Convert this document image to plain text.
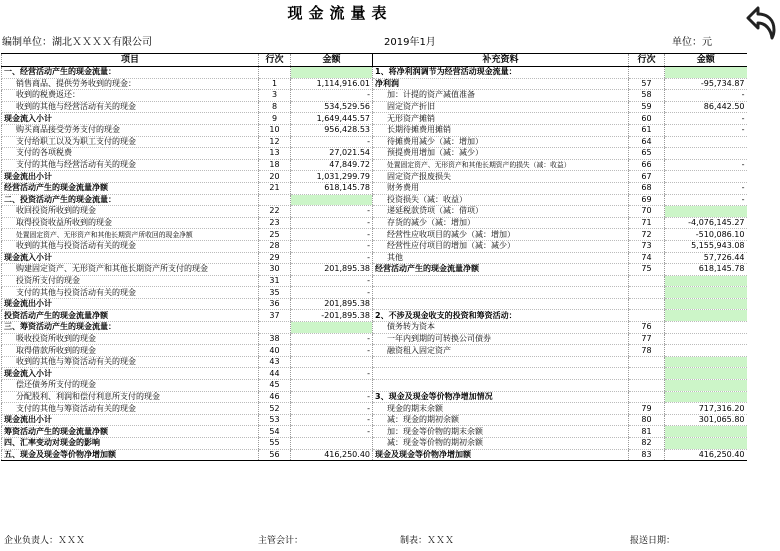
现金流量表
编制单位：湖北ＸＸＸＸ有限公司	2019年1月	单位：元
项目	行次	金额	补充资料	行次	金额
一、经营活动产生的现金流量：			1、将净利润调节为经营活动现金流量：		
销售商品、提供劳务收到的现金：	1	1,114,916.01	净利润	57	-95,734.87
收到的税费返还：	3	-	加：计提的资产减值准备	58	-
收到的其他与经营活动有关的现金	8	534,529.56	固定资产折旧	59	86,442.50
现金流入小计	9	1,649,445.57	无形资产摊销	60	-
购买商品接受劳务支付的现金	10	956,428.53	长期待摊费用摊销	61	-
支付给职工以及为职工支付的现金	12	-	待摊费用减少（减：增加）	64	
支付的各项税费	13	27,021.54	预提费用增加（减：减少）	65	
支付的其他与经营活动有关的现金	18	47,849.72	处置固定资产、无形资产和其他长期资产的损失（减：收益）	66	-
现金流出小计	20	1,031,299.79	固定资产报废损失	67	
经营活动产生的现金流量净额	21	618,145.78	财务费用	68	-
二、投资活动产生的现金流量：			投资损失（减：收益）	69	-
收回投资所收到的现金	22	-	递延税款贷项（减：借项）	70	
取得投资收益所收到的现金	23	-	存货的减少（减：增加）	71	-4,076,145.27
处置固定资产、无形资产和其他长期资产所收回的现金净额	25	-	经营性应收项目的减少（减：增加）	72	-510,086.10
收到的其他与投资活动有关的现金	28	-	经营性应付项目的增加（减：减少）	73	5,155,943.08
现金流入小计	29	-	其他	74	57,726.44
购建固定资产、无形资产和其他长期资产所支付的现金	30	201,895.38	经营活动产生的现金流量净额	75	618,145.78
投资所支付的现金	31	-			
支付的其他与投资活动有关的现金	35	-			
现金流出小计	36	201,895.38			
投资活动产生的现金流量净额	37	-201,895.38	2、不涉及现金收支的投资和筹资活动：		
三、筹资活动产生的现金流量：			债务转为资本	76	
吸收投资所收到的现金	38	-	一年内到期的可转换公司债券	77	
取得借款所收到的现金	40	-	融资租入固定资产	78	
收到的其他与筹资活动有关的现金	43				
现金流入小计	44	-			
偿还债务所支付的现金	45				
分配股利、利润和偿付利息所支付的现金	46	-	3、现金及现金等价物净增加情况		
支付的其他与筹资活动有关的现金	52	-	现金的期末余额	79	717,316.20
现金流出小计	53	-	减：现金的期初余额	80	301,065.80
筹资活动产生的现金流量净额	54	-	加：现金等价物的期末余额	81	
四、汇率变动对现金的影响	55		减：现金等价物的期初余额	82	
五、现金及现金等价物净增加额	56	416,250.40	现金及现金等价物净增加额	83	416,250.40
企业负责人：ＸＸＸ	主管会计：	制表：ＸＸＸ	报送日期：
